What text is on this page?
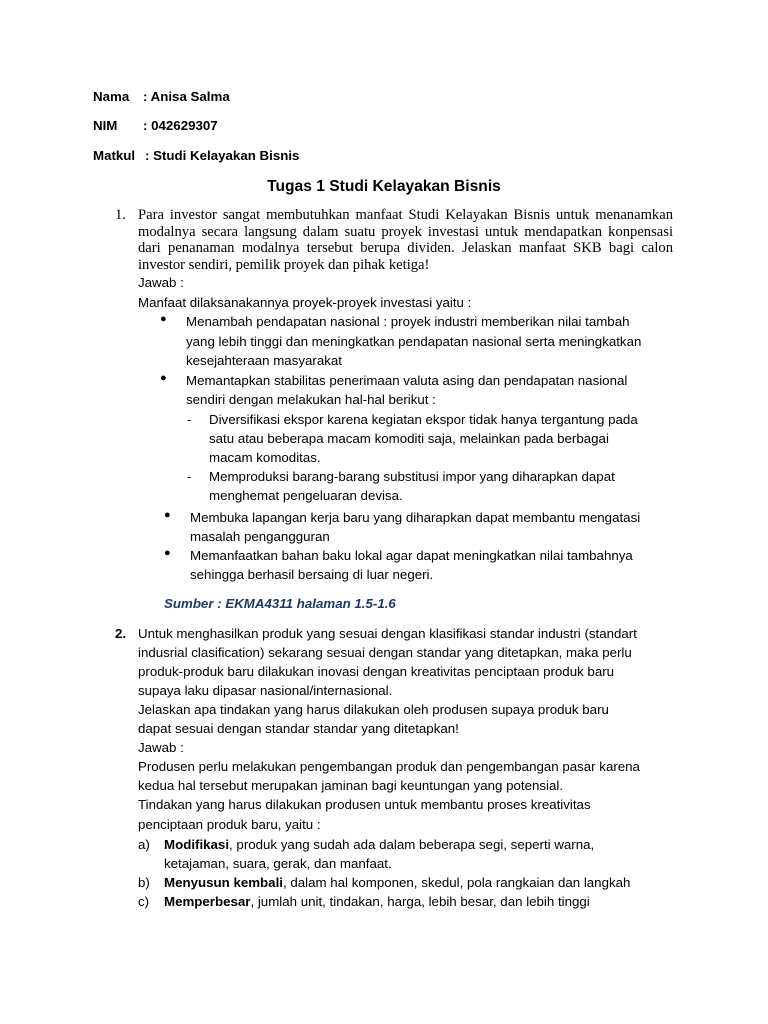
Nama : Anisa Salma
NIM : 042629307
Matkul : Studi Kelayakan Bisnis
Tugas 1 Studi Kelayakan Bisnis
1. Para investor sangat membutuhkan manfaat Studi Kelayakan Bisnis untuk menanamkan modalnya secara langsung dalam suatu proyek investasi untuk mendapatkan konpensasi dari penanaman modalnya tersebut berupa dividen. Jelaskan manfaat SKB bagi calon investor sendiri, pemilik proyek dan pihak ketiga!
Jawab :
Manfaat dilaksanakannya proyek-proyek investasi yaitu :
● Menambah pendapatan nasional : proyek industri memberikan nilai tambah
yang lebih tinggi dan meningkatkan pendapatan nasional serta meningkatkan
kesejahteraan masyarakat
● Memantapkan stabilitas penerimaan valuta asing dan pendapatan nasional
sendiri dengan melakukan hal-hal berikut :
- Diversifikasi ekspor karena kegiatan ekspor tidak hanya tergantung pada
satu atau beberapa macam komoditi saja, melainkan pada berbagai
macam komoditas.
- Memproduksi barang-barang substitusi impor yang diharapkan dapat
menghemat pengeluaran devisa.
● Membuka lapangan kerja baru yang diharapkan dapat membantu mengatasi
masalah pengangguran
● Memanfaatkan bahan baku lokal agar dapat meningkatkan nilai tambahnya
sehingga berhasil bersaing di luar negeri.
Sumber : EKMA4311 halaman 1.5-1.6
2. Untuk menghasilkan produk yang sesuai dengan klasifikasi standar industri (standart
indusrial clasification) sekarang sesuai dengan standar yang ditetapkan, maka perlu
produk-produk baru dilakukan inovasi dengan kreativitas penciptaan produk baru
supaya laku dipasar nasional/internasional.
Jelaskan apa tindakan yang harus dilakukan oleh produsen supaya produk baru
dapat sesuai dengan standar standar yang ditetapkan!
Jawab :
Produsen perlu melakukan pengembangan produk dan pengembangan pasar karena
kedua hal tersebut merupakan jaminan bagi keuntungan yang potensial.
Tindakan yang harus dilakukan produsen untuk membantu proses kreativitas
penciptaan produk baru, yaitu :
a) Modifikasi, produk yang sudah ada dalam beberapa segi, seperti warna,
ketajaman, suara, gerak, dan manfaat.
b) Menyusun kembali, dalam hal komponen, skedul, pola rangkaian dan langkah
c) Memperbesar, jumlah unit, tindakan, harga, lebih besar, dan lebih tinggi
